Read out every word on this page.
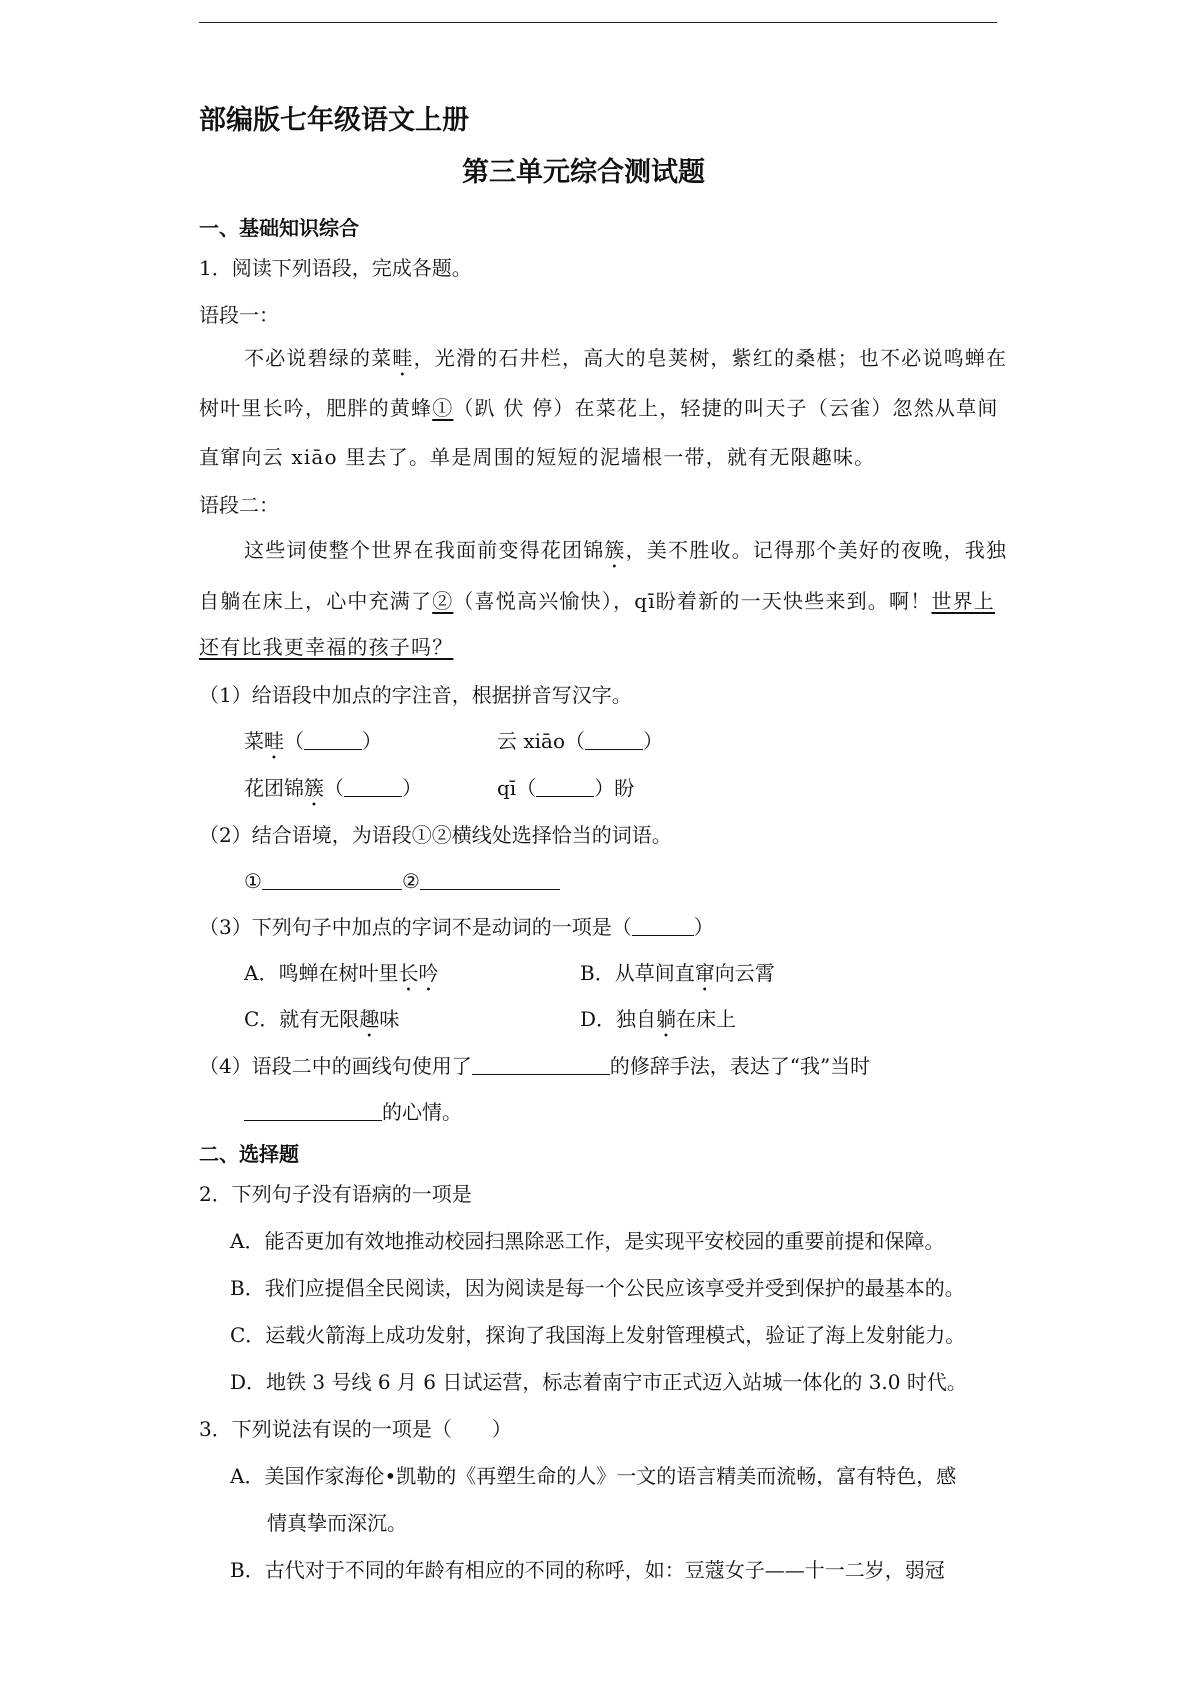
部编版七年级语文上册
第三单元综合测试题
一、基础知识综合
1．阅读下列语段，完成各题。
语段一：
不必说碧绿的菜畦，光滑的石井栏，高大的皂荚树，紫红的桑椹；也不必说鸣蝉在
树叶里长吟，肥胖的黄蜂①（趴 伏 停）在菜花上，轻捷的叫天子（云雀）忽然从草间
直窜向云 xiāo 里去了。单是周围的短短的泥墙根一带，就有无限趣味。
语段二：
这些词使整个世界在我面前变得花团锦簇，美不胜收。记得那个美好的夜晚，我独
自躺在床上，心中充满了②（喜悦高兴愉快），qī盼着新的一天快些来到。啊！世界上
还有比我更幸福的孩子吗？
（1）给语段中加点的字注音，根据拼音写汉字。
菜畦（	）	云 xiāo（	）
花团锦簇（	）	qī（	）盼
（2）结合语境，为语段①②横线处选择恰当的词语。
①	②
（3）下列句子中加点的字词不是动词的一项是（	）
A．鸣蝉在树叶里长吟	B．从草间直窜向云霄
C．就有无限趣味	D．独自躺在床上
（4）语段二中的画线句使用了	的修辞手法，表达了“我”当时
的心情。
二、选择题
2．下列句子没有语病的一项是
A．能否更加有效地推动校园扫黑除恶工作，是实现平安校园的重要前提和保障。
B．我们应提倡全民阅读，因为阅读是每一个公民应该享受并受到保护的最基本的。
C．运载火箭海上成功发射，探询了我国海上发射管理模式，验证了海上发射能力。
D．地铁 3 号线 6 月 6 日试运营，标志着南宁市正式迈入站城一体化的 3.0 时代。
3．下列说法有误的一项是（　　）
A．美国作家海伦•凯勒的《再塑生命的人》一文的语言精美而流畅，富有特色，感
情真挚而深沉。
B．古代对于不同的年龄有相应的不同的称呼，如：豆蔻女子——十一二岁，弱冠
